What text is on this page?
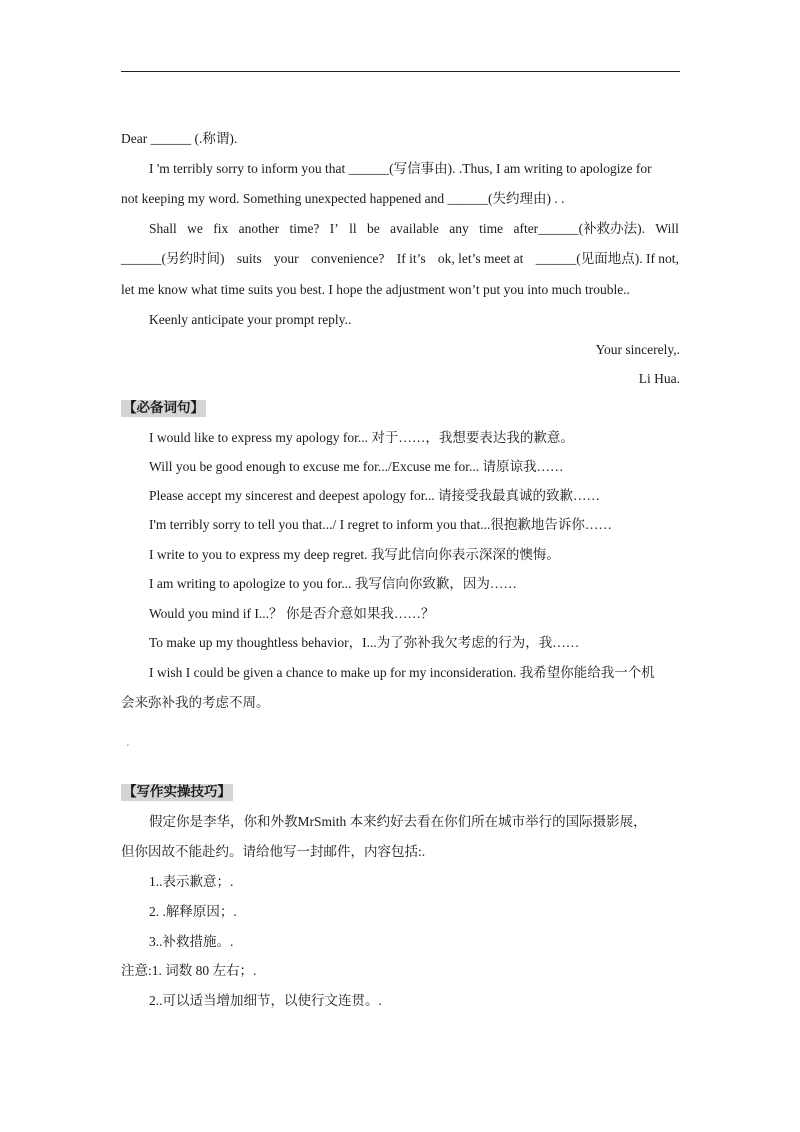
Dear ______ (.称谓).
I 'm terribly sorry to inform you that ______(写信事由). .Thus, I am writing to apologize for
not keeping my word. Something unexpected happened and ______(失约理由) . .
Shall we fix another time? I’ ll be available any time after______(补救办法). Will
______(另约时间) suits your convenience? If it’s ok, let’s meet at ______(见面地点). If not,
let me know what time suits you best. I hope the adjustment won’t put you into much trouble..
Keenly anticipate your prompt reply..
Your sincerely,.
Li Hua.
【必备词句】
I would like to express my apology for... 对于……，我想要表达我的歉意。
Will you be good enough to excuse me for.../Excuse me for... 请原谅我……
Please accept my sincerest and deepest apology for... 请接受我最真诚的致歉……
I'm terribly sorry to tell you that.../ I regret to inform you that...很抱歉地告诉你……
I write to you to express my deep regret. 我写此信向你表示深深的懊悔。
I am writing to apologize to you for... 我写信向你致歉，因为……
Would you mind if I...？ 你是否介意如果我……？
To make up my thoughtless behavior，I...为了弥补我欠考虑的行为，我……
I wish I could be given a chance to make up for my inconsideration. 我希望你能给我一个机
会来弥补我的考虑不周。
ˊ
【写作实操技巧】
假定你是李华，你和外教MrSmith 本来约好去看在你们所在城市举行的国际摄影展，
但你因故不能赴约。请给他写一封邮件，内容包括:.
1..表示歉意；.
2. .解释原因；.
3..补救措施。.
注意:1. 词数 80 左右；.
2..可以适当增加细节，以使行文连贯。.
